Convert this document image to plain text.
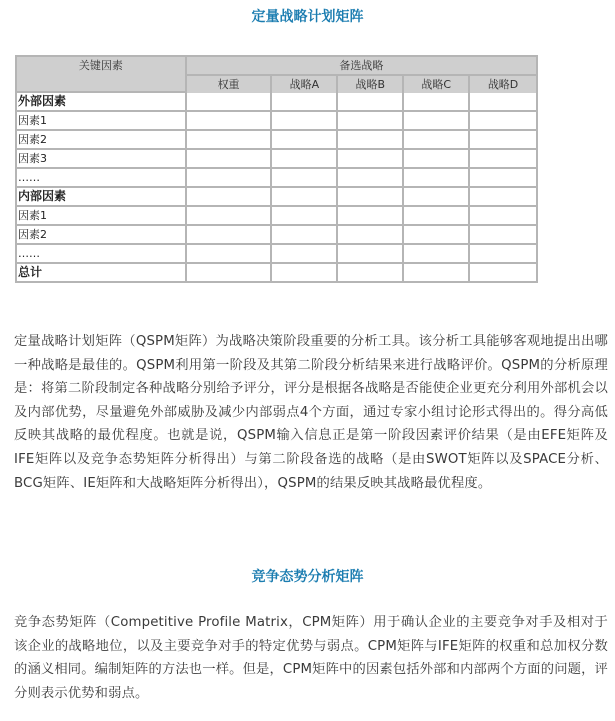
定量战略计划矩阵
关键因素	备选战略				
	权重	战略A	战略B	战略C	战略D
外部因素					
因素1					
因素2					
因素3					
……					
内部因素					
因素1					
因素2					
……					
总计					
定量战略计划矩阵（QSPM矩阵）为战略决策阶段重要的分析工具。该分析工具能够客观地提出出哪一种战略是最佳的。QSPM利用第一阶段及其第二阶段分析结果来进行战略评价。QSPM的分析原理是：将第二阶段制定各种战略分别给予评分，评分是根据各战略是否能使企业更充分利用外部机会以及内部优势，尽量避免外部威胁及减少内部弱点4个方面，通过专家小组讨论形式得出的。得分高低反映其战略的最优程度。也就是说，QSPM输入信息正是第一阶段因素评价结果（是由EFE矩阵及IFE矩阵以及竞争态势矩阵分析得出）与第二阶段备选的战略（是由SWOT矩阵以及SPACE分析、BCG矩阵、IE矩阵和大战略矩阵分析得出），QSPM的结果反映其战略最优程度。
竞争态势分析矩阵
竞争态势矩阵（Competitive Profile Matrix，CPM矩阵）用于确认企业的主要竞争对手及相对于该企业的战略地位，以及主要竞争对手的特定优势与弱点。CPM矩阵与IFE矩阵的权重和总加权分数的涵义相同。编制矩阵的方法也一样。但是，CPM矩阵中的因素包括外部和内部两个方面的问题，评分则表示优势和弱点。
